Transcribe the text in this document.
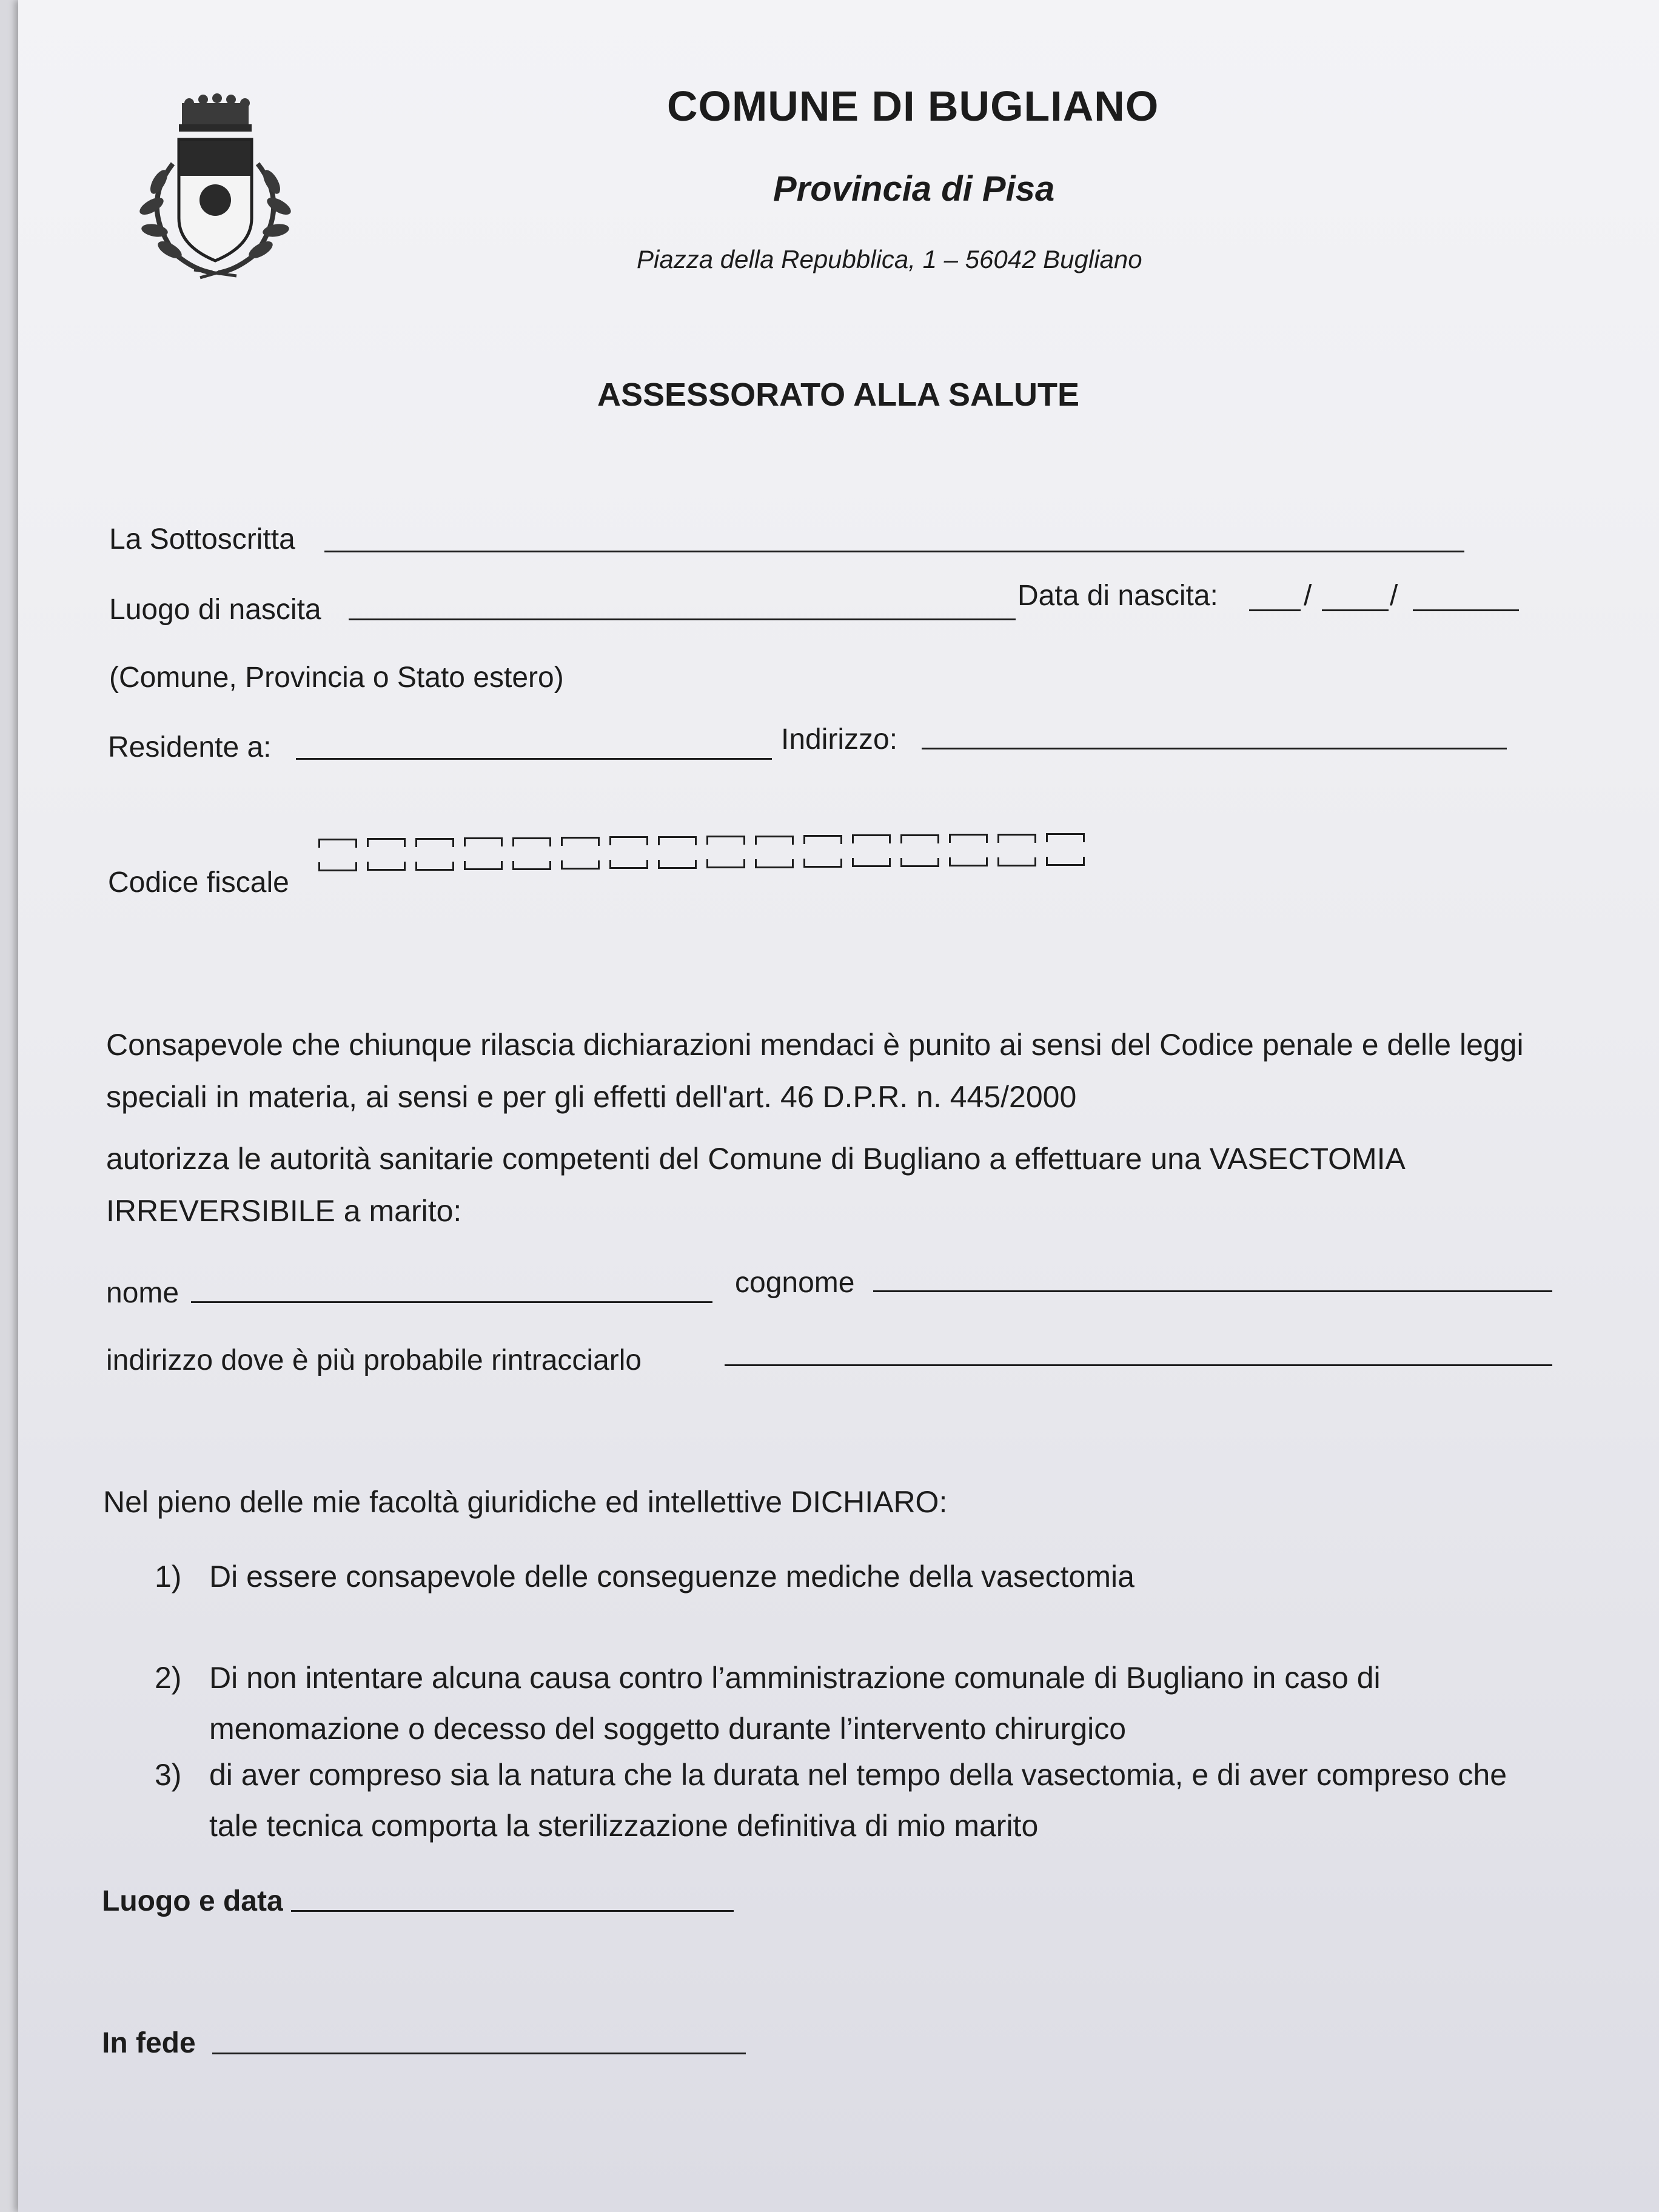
COMUNE DI BUGLIANO
Provincia di Pisa
Piazza della Repubblica, 1 – 56042 Bugliano
ASSESSORATO ALLA SALUTE
La Sottoscritta
Luogo di nascita	Data di nascita:	/	/
(Comune, Provincia o Stato estero)
Residente a:	Indirizzo:
Codice fiscale
Consapevole che chiunque rilascia dichiarazioni mendaci è punito ai sensi del Codice penale e delle leggi speciali in materia, ai sensi e per gli effetti dell'art. 46 D.P.R. n. 445/2000
autorizza le autorità sanitarie competenti del Comune di Bugliano a effettuare una VASECTOMIA IRREVERSIBILE a marito:
nome	cognome
indirizzo dove è più probabile rintracciarlo
Nel pieno delle mie facoltà giuridiche ed intellettive DICHIARO:
1) Di essere consapevole delle conseguenze mediche della vasectomia
2) Di non intentare alcuna causa contro l’amministrazione comunale di Bugliano in caso di menomazione o decesso del soggetto durante l’intervento chirurgico
3) di aver compreso sia la natura che la durata nel tempo della vasectomia, e di aver compreso che tale tecnica comporta la sterilizzazione definitiva di mio marito
Luogo e data
In fede
